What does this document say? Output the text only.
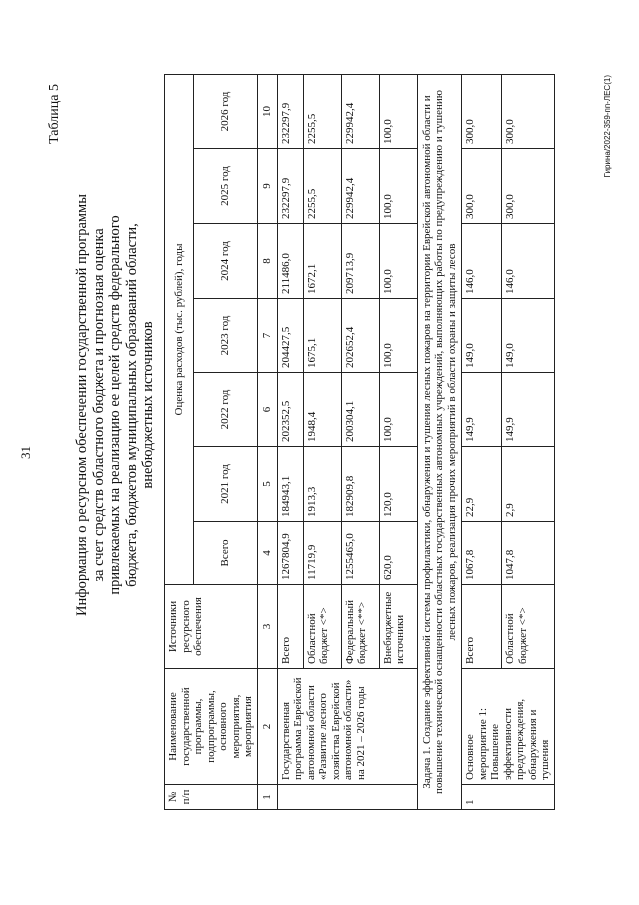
31
Таблица 5
Информация о ресурсном обеспечении государственной программы за счет средств областного бюджета и прогнозная оценка привлекаемых на реализацию ее целей средств федерального бюджета, бюджетов муниципальных образований области, внебюджетных источников
№ п/п	Наименование государственной программы, подпрограммы, основного мероприятия, мероприятия	Источники ресурсного обеспечения	Оценка расходов (тыс. рублей), годы						
			Всего	2021 год	2022 год	2023 год	2024 год	2025 год	2026 год
1	2	3	4	5	6	7	8	9	10
	Государственная программа Еврейской автономной области «Развитие лесного хозяйства Еврейской автономной области» на 2021 – 2026 годы	Всего	1267804,9	184943,1	202352,5	204427,5	211486,0	232297,9	232297,9
		Областной бюджет <*>	11719,9	1913,3	1948,4	1675,1	1672,1	2255,5	2255,5
		Федеральный бюджет <**>	1255465,0	182909,8	200304,1	202652,4	209713,9	229942,4	229942,4
		Внебюджетные источники	620,0	120,0	100,0	100,0	100,0	100,0	100,0
Задача 1. Создание эффективной системы профилактики, обнаружения и тушения лесных пожаров на территории Еврейской автономной области и повышение технической оснащенности областных государственных автономных учреждений, выполняющих работы по предупреждению и тушению лесных пожаров, реализация прочих мероприятий в области охраны и защиты лесов									
1	Основное мероприятие 1: Повышение эффективности предупреждения, обнаружения и тушения	Всего	1067,8	22,9	149,9	149,0	146,0	300,0	300,0
		Областной бюджет <*>	1047,8	2,9	149,9	149,0	146,0	300,0	300,0	Гирина/2022-359-пп-ЛЕС(1)
